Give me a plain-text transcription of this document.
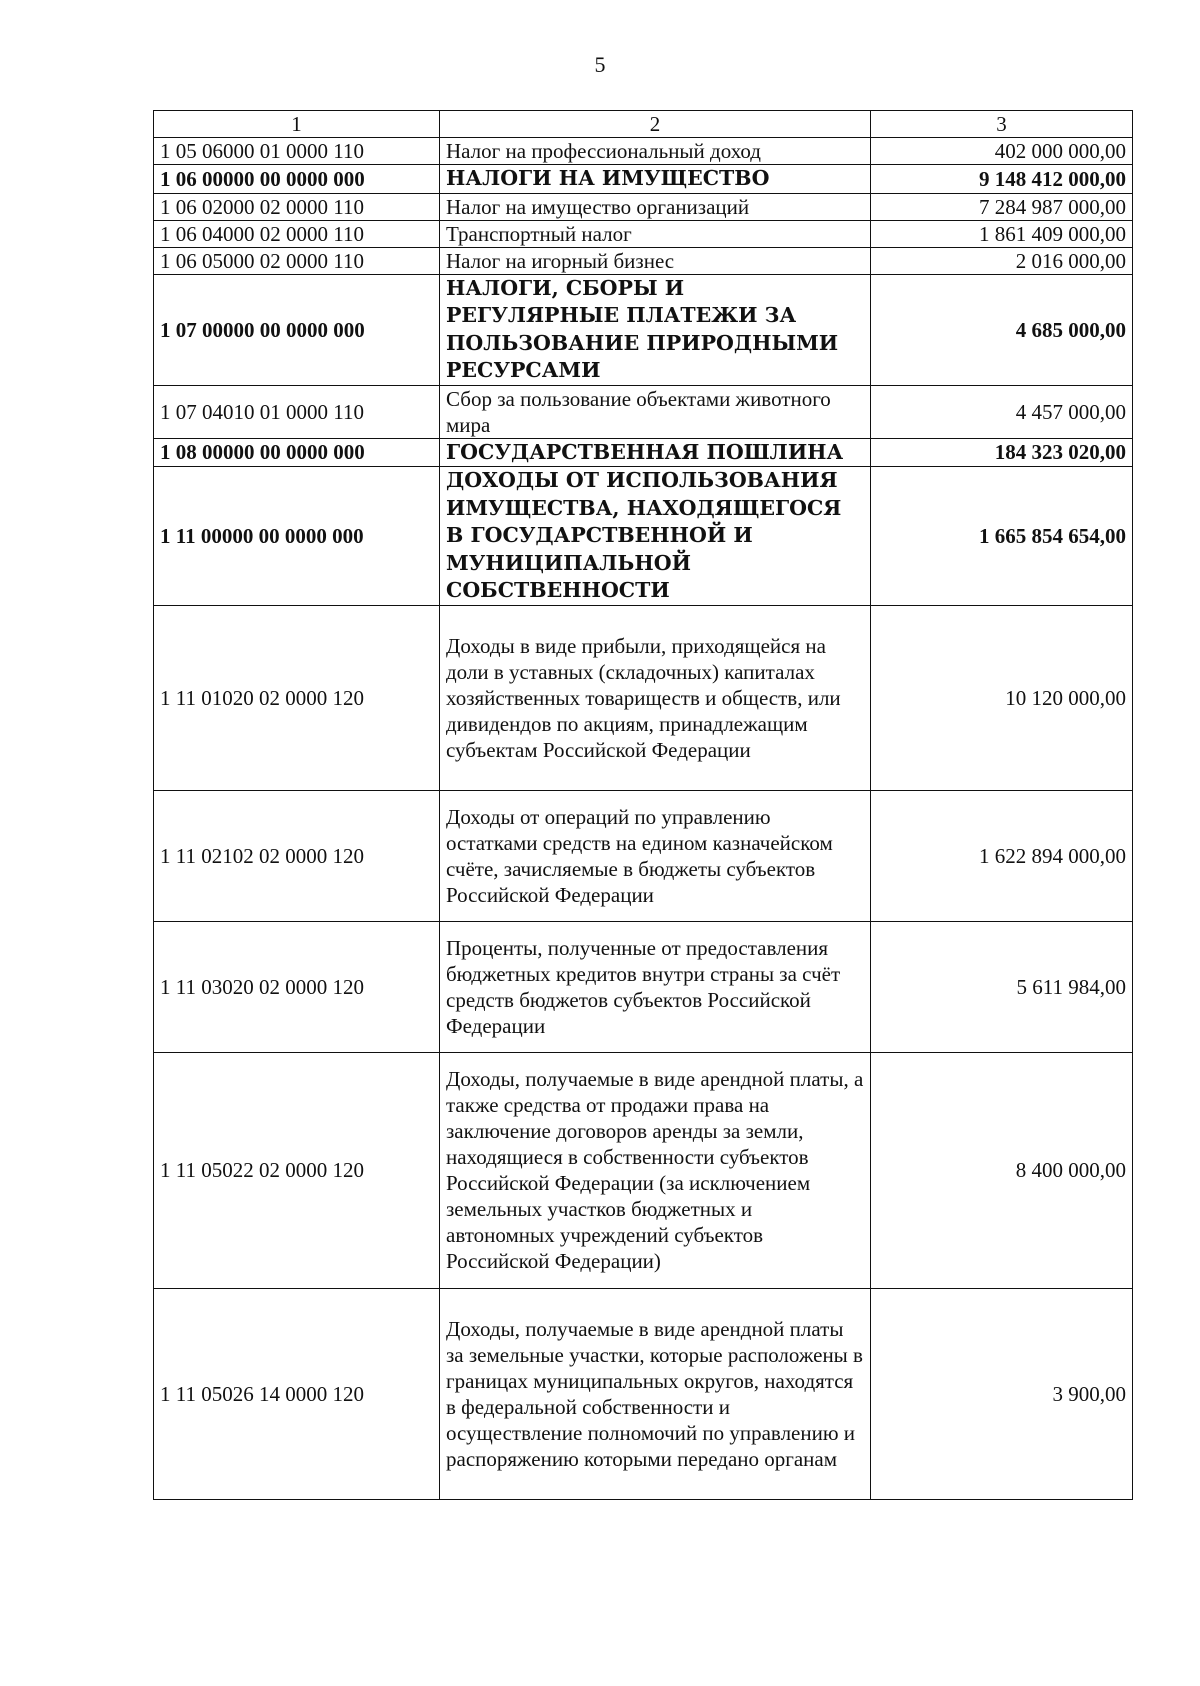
5
1	2	3
1 05 06000 01 0000 110	Налог на профессиональный доход	402 000 000,00
1 06 00000 00 0000 000	НАЛОГИ НА ИМУЩЕСТВО	9 148 412 000,00
1 06 02000 02 0000 110	Налог на имущество организаций	7 284 987 000,00
1 06 04000 02 0000 110	Транспортный налог	1 861 409 000,00
1 06 05000 02 0000 110	Налог на игорный бизнес	2 016 000,00
1 07 00000 00 0000 000	НАЛОГИ, СБОРЫ И РЕГУЛЯРНЫЕ ПЛАТЕЖИ ЗА ПОЛЬЗОВАНИЕ ПРИРОДНЫМИ РЕСУРСАМИ	4 685 000,00
1 07 04010 01 0000 110	Сбор за пользование объектами животного мира	4 457 000,00
1 08 00000 00 0000 000	ГОСУДАРСТВЕННАЯ ПОШЛИНА	184 323 020,00
1 11 00000 00 0000 000	ДОХОДЫ ОТ ИСПОЛЬЗОВАНИЯ ИМУЩЕСТВА, НАХОДЯЩЕГОСЯ В ГОСУДАРСТВЕННОЙ И МУНИЦИПАЛЬНОЙ СОБСТВЕННОСТИ	1 665 854 654,00
1 11 01020 02 0000 120	Доходы в виде прибыли, приходящейся на доли в уставных (складочных) капиталах хозяйственных товариществ и обществ, или дивидендов по акциям, принадлежащим субъектам Российской Федерации	10 120 000,00
1 11 02102 02 0000 120	Доходы от операций по управлению остатками средств на едином казначейском счёте, зачисляемые в бюджеты субъектов Российской Федерации	1 622 894 000,00
1 11 03020 02 0000 120	Проценты, полученные от предоставления бюджетных кредитов внутри страны за счёт средств бюджетов субъектов Российской Федерации	5 611 984,00
1 11 05022 02 0000 120	Доходы, получаемые в виде арендной платы, а также средства от продажи права на заключение договоров аренды за земли, находящиеся в собственности субъектов Российской Федерации (за исключением земельных участков бюджетных и автономных учреждений субъектов Российской Федерации)	8 400 000,00
1 11 05026 14 0000 120	Доходы, получаемые в виде арендной платы за земельные участки, которые расположены в границах муниципальных округов, находятся в федеральной собственности и осуществление полномочий по управлению и распоряжению которыми передано органам	3 900,00
